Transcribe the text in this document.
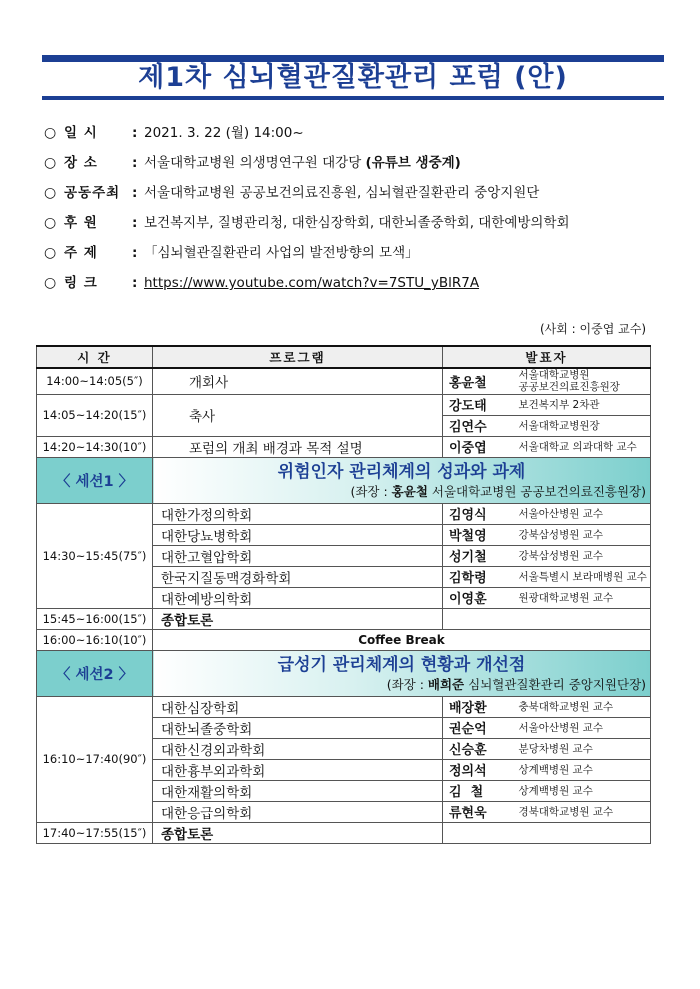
제1차 심뇌혈관질환관리 포럼 (안)
○ 일 시	: 2021. 3. 22 (월) 14:00~
○ 장 소	: 서울대학교병원 의생명연구원 대강당 (유튜브 생중계)
○ 공동주최 : 서울대학교병원 공공보건의료진흥원, 심뇌혈관질환관리 중앙지원단
○ 후 원	: 보건복지부, 질병관리청, 대한심장학회, 대한뇌졸중학회, 대한예방의학회
○ 주 제	: 「심뇌혈관질환관리 사업의 발전방향의 모색」
○ 링 크	: https://www.youtube.com/watch?v=7STU_yBlR7A
(사회 : 이중엽 교수)
시 간	프로그램	발표자	
14:00~14:05(5″)	개회사	홍윤철	서울대학교병원
공공보건의료진흥원장

14:05~14:20(15″)	축사	강도태	보건복지부 2차관
		김연수	서울대학교병원장
14:20~14:30(10″)	포럼의 개최 배경과 목적 설명	이중엽	서울대학교 의과대학 교수
〈 세션1 〉	위험인자 관리체계의 성과와 과제
(좌장 : 홍윤철 서울대학교병원 공공보건의료진흥원장)		

14:30~15:45(75″)	대한가정의학회	김영식	서울아산병원 교수
	대한당뇨병학회	박철영	강북삼성병원 교수
	대한고혈압학회	성기철	강북삼성병원 교수
	한국지질동맥경화학회	김학령	서울특별시 보라매병원 교수
	대한예방의학회	이영훈	원광대학교병원 교수
15:45~16:00(15″)	종합토론		
16:00~16:10(10″)	Coffee Break		
〈 세션2 〉	급성기 관리체계의 현황과 개선점
(좌장 : 배희준 심뇌혈관질환관리 중앙지원단장)		

16:10~17:40(90″)	대한심장학회	배장환	충북대학교병원 교수
	대한뇌졸중학회	권순억	서울아산병원 교수
	대한신경외과학회	신승훈	분당차병원 교수
	대한흉부외과학회	정의석	상계백병원 교수
	대한재활의학회	김  철	상계백병원 교수
	대한응급의학회	류현욱	경북대학교병원 교수
17:40~17:55(15″)	종합토론		
